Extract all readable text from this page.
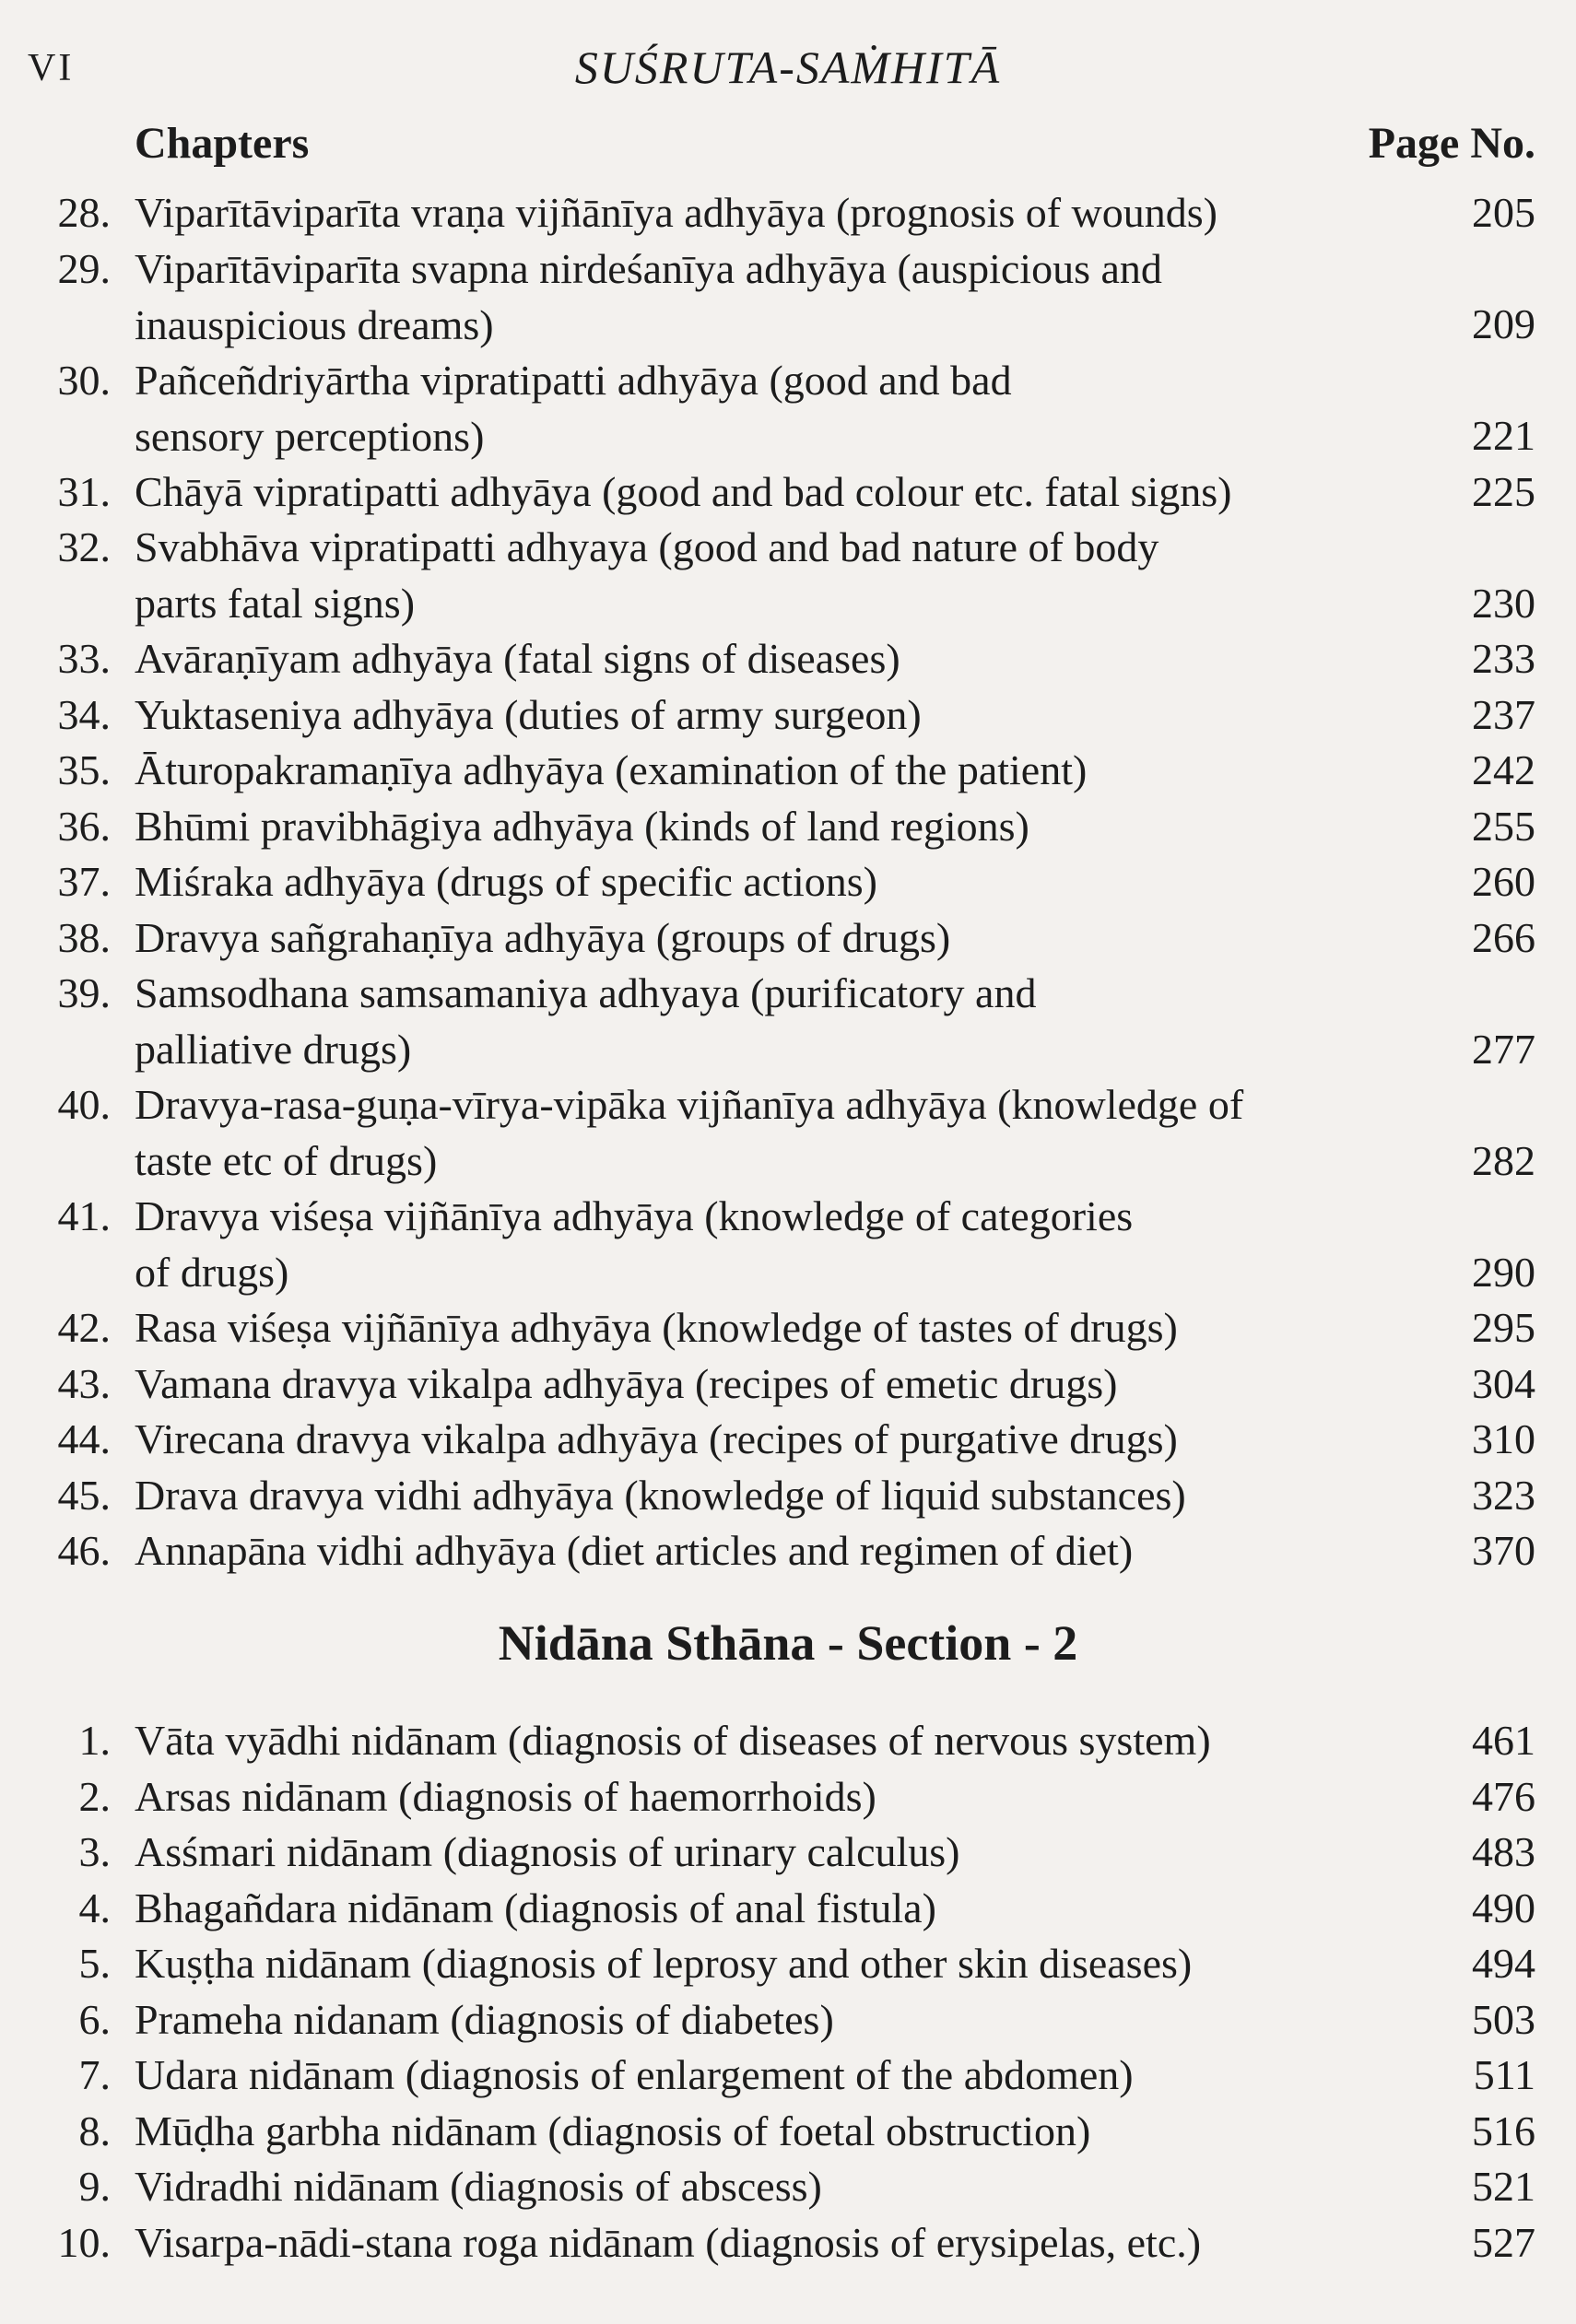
VI	SUŚRUTA-SAṀHITĀ
Chapters	Page No.
28. Viparītāviparīta vraṇa vijñānīya adhyāya (prognosis of wounds)	205
29. Viparītāviparīta svapna nirdeśanīya adhyāya (auspicious and
inauspicious dreams)	209
30. Pañceñdriyārtha vipratipatti adhyāya (good and bad
sensory perceptions)	221
31. Chāyā vipratipatti adhyāya (good and bad colour etc. fatal signs)	225
32. Svabhāva vipratipatti adhyaya (good and bad nature of body
parts fatal signs)	230
33. Avāraṇīyam adhyāya (fatal signs of diseases)	233
34. Yuktaseniya adhyāya (duties of army surgeon)	237
35. Āturopakramaṇīya adhyāya (examination of the patient)	242
36. Bhūmi pravibhāgiya adhyāya (kinds of land regions)	255
37. Miśraka adhyāya (drugs of specific actions)	260
38. Dravya sañgrahaṇīya adhyāya (groups of drugs)	266
39. Samsodhana samsamaniya adhyaya (purificatory and
palliative drugs)	277
40. Dravya-rasa-guṇa-vīrya-vipāka vijñanīya adhyāya (knowledge of
taste etc of drugs)	282
41. Dravya viśeṣa vijñānīya adhyāya (knowledge of categories
of drugs)	290
42. Rasa viśeṣa vijñānīya adhyāya (knowledge of tastes of drugs)	295
43. Vamana dravya vikalpa adhyāya (recipes of emetic drugs)	304
44. Virecana dravya vikalpa adhyāya (recipes of purgative drugs)	310
45. Drava dravya vidhi adhyāya (knowledge of liquid substances)	323
46. Annapāna vidhi adhyāya (diet articles and regimen of diet)	370
Nidāna Sthāna - Section - 2
1. Vāta vyādhi nidānam (diagnosis of diseases of nervous system)	461
2. Arsas nidānam (diagnosis of haemorrhoids)	476
3. Asśmari nidānam (diagnosis of urinary calculus)	483
4. Bhagañdara nidānam (diagnosis of anal fistula)	490
5. Kuṣṭha nidānam (diagnosis of leprosy and other skin diseases)	494
6. Prameha nidanam (diagnosis of diabetes)	503
7. Udara nidānam (diagnosis of enlargement of the abdomen)	511
8. Mūḍha garbha nidānam (diagnosis of foetal obstruction)	516
9. Vidradhi nidānam (diagnosis of abscess)	521
10. Visarpa-nādi-stana roga nidānam (diagnosis of erysipelas, etc.)	527
